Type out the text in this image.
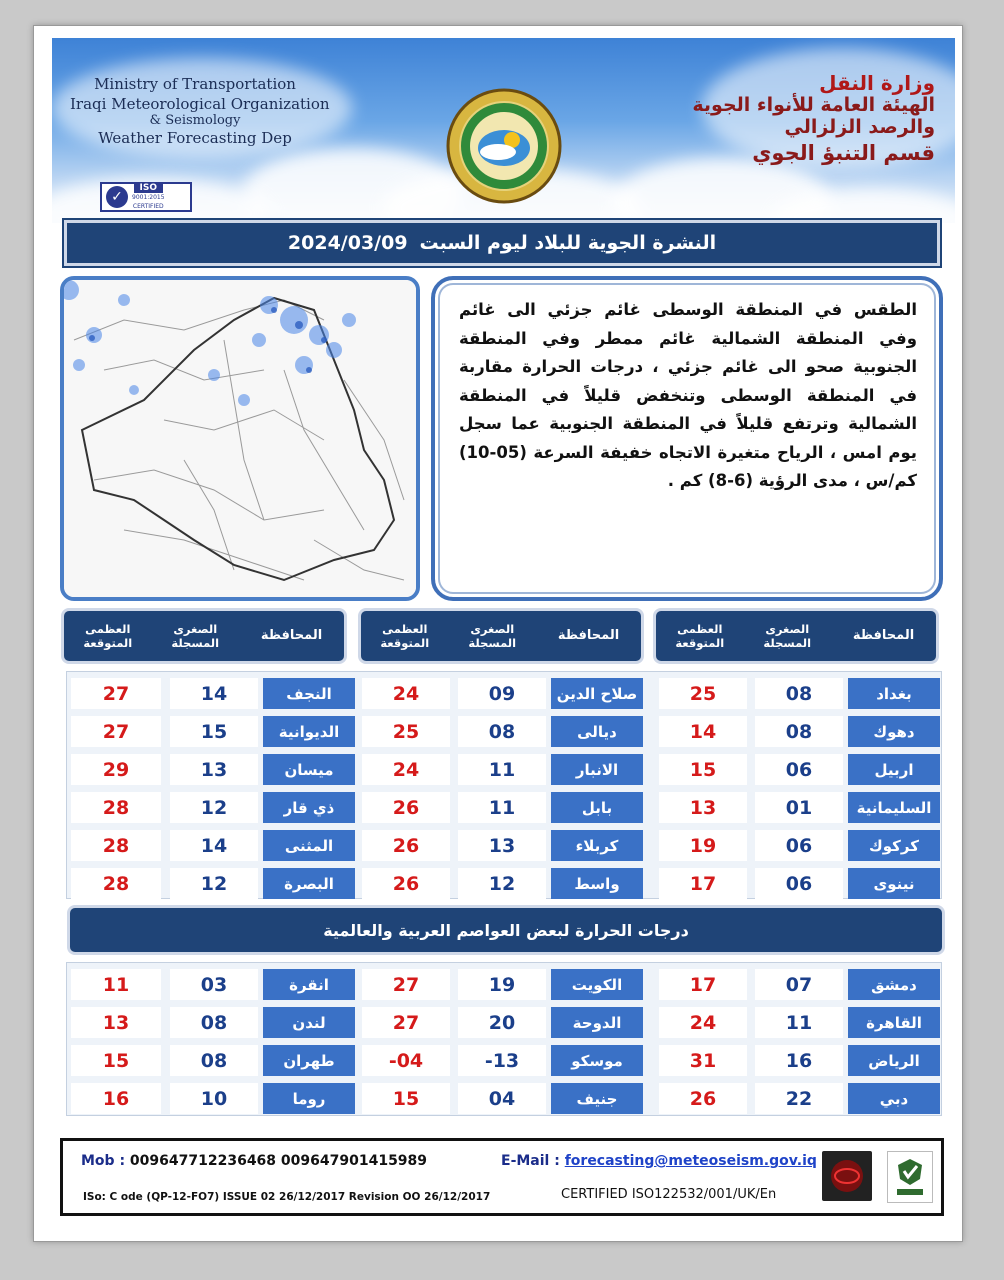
Ministry of Transportation
Iraqi Meteorological Organization
& Seismology
Weather Forecasting Dep
✓
ISO
9001:2015
CERTIFIED
وزارة النقل
الهيئة العامة للأنواء الجوية
والرصد الزلزالي
قسم التنبؤ الجوي
النشرة الجوية للبلاد ليوم السبت
2024/03/09
الطقس في المنطقة الوسطى غائم جزئي الى غائم وفي المنطقة الشمالية غائم ممطر وفي المنطقة الجنوبية صحو الى غائم جزئي ، درجات الحرارة مقاربة في المنطقة الوسطى وتنخفض قليلاً في المنطقة الشمالية وترتفع قليلاً في المنطقة الجنوبية عما سجل يوم امس ، الرياح متغيرة الاتجاه خفيفة السرعة (05-10) كم/س ، مدى الرؤية (6-8) كم .
المحافظة
الصغرى
المسجلة
العظمى
المتوقعة
المحافظة
الصغرى
المسجلة
العظمى
المتوقعة
المحافظة
الصغرى
المسجلة
العظمى
المتوقعة
بغداد
08
25
صلاح الدين
09
24
النجف
14
27
دهوك
08
14
ديالى
08
25
الديوانية
15
27
اربيل
06
15
الانبار
11
24
ميسان
13
29
السليمانية
01
13
بابل
11
26
ذي قار
12
28
كركوك
06
19
كربلاء
13
26
المثنى
14
28
نينوى
06
17
واسط
12
26
البصرة
12
28
درجات الحرارة لبعض العواصم العربية والعالمية
دمشق
07
17
الكويت
19
27
انقرة
03
11
القاهرة
11
24
الدوحة
20
27
لندن
08
13
الرياض
16
31
موسكو
-13
-04
طهران
08
15
دبي
22
26
جنيف
04
15
روما
10
16
Mob : 009647712236468 009647901415989	E-Mail : forecasting@meteoseism.gov.iq
ISo: C ode (QP-12-FO7) ISSUE 02 26/12/2017 Revision OO 26/12/2017	CERTIFIED ISO122532/001/UK/En
